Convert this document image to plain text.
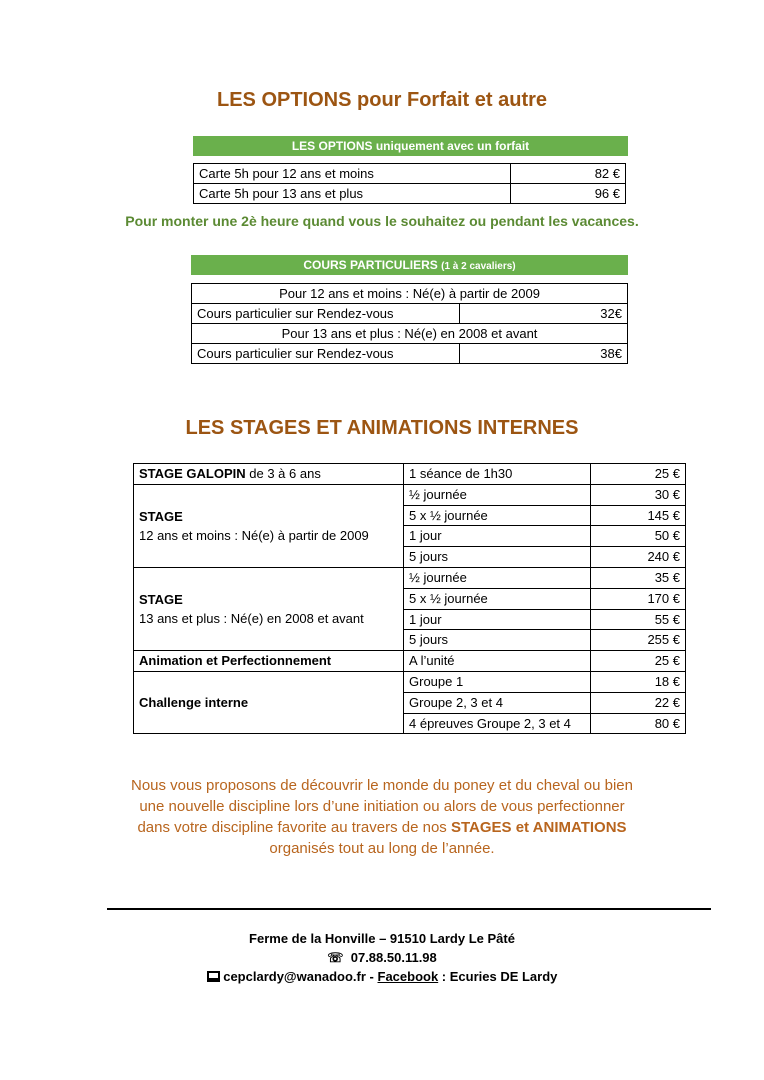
LES OPTIONS pour Forfait et autre
LES OPTIONS uniquement avec un forfait
Carte 5h pour 12 ans et moins	82 €
Carte 5h pour 13 ans et plus	96 €
Pour monter une 2è heure quand vous le souhaitez ou pendant les vacances.
COURS PARTICULIERS (1 à 2 cavaliers)
Pour 12 ans et moins : Né(e) à partir de 2009	
Cours particulier sur Rendez-vous	32€
Pour 13 ans et plus : Né(e) en 2008 et avant	
Cours particulier sur Rendez-vous	38€
LES STAGES ET ANIMATIONS INTERNES
STAGE GALOPIN de 3 à 6 ans	1 séance de 1h30	25 €
STAGE
12 ans et moins : Né(e) à partir de 2009	½ journée	30 €
	5 x ½ journée	145 €
	1 jour	50 €
	5 jours	240 €
STAGE
13 ans et plus : Né(e) en 2008 et avant	½ journée	35 €
	5 x ½ journée	170 €
	1 jour	55 €
	5 jours	255 €
Animation et Perfectionnement	A l’unité	25 €
Challenge interne	Groupe 1	18 €
	Groupe 2, 3 et 4	22 €
	4 épreuves Groupe 2, 3 et 4	80 €
Nous vous proposons de découvrir le monde du poney et du cheval ou bien
une nouvelle discipline lors d’une initiation ou alors de vous perfectionner
dans votre discipline favorite au travers de nos STAGES et ANIMATIONS
organisés tout au long de l’année.
Ferme de la Honville – 91510 Lardy Le Pâté
☏ 07.88.50.11.98
cepclardy@wanadoo.fr - Facebook : Ecuries DE Lardy
